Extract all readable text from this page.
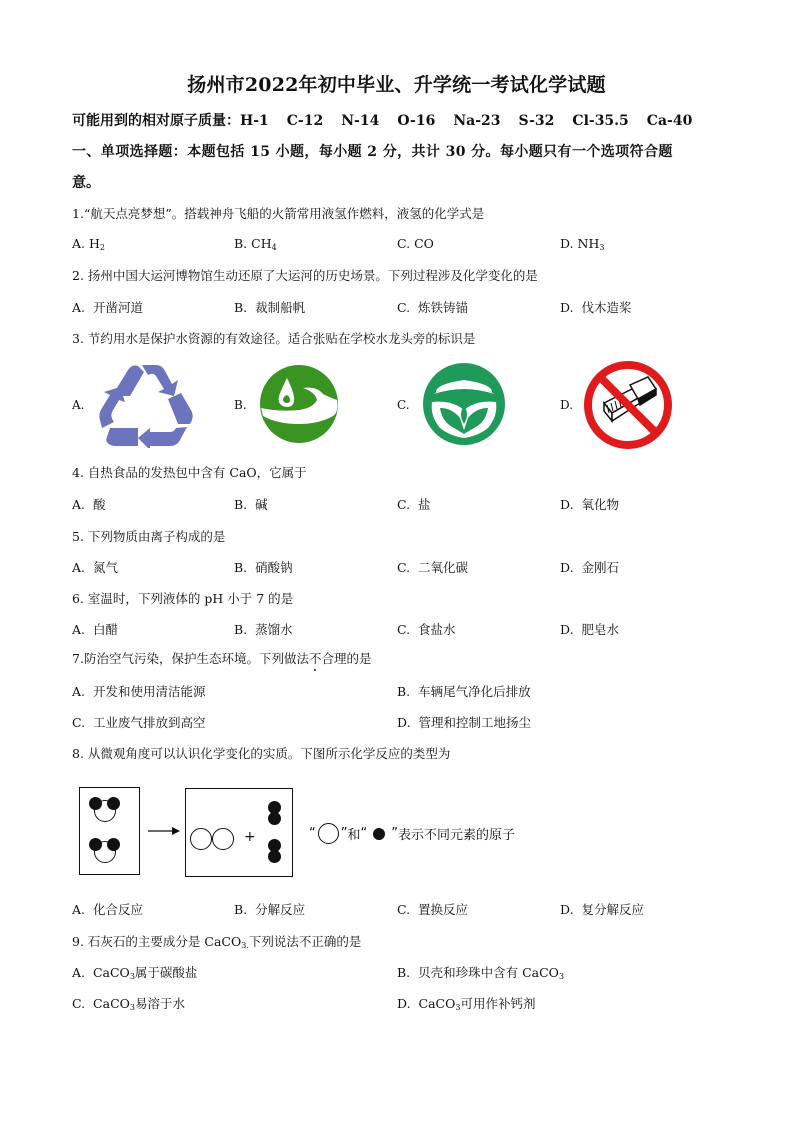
扬州市2022年初中毕业、升学统一考试化学试题
可能用到的相对原子质量：H-1 C-12 N-14 O-16 Na-23 S-32 Cl-35.5 Ca-40
一、单项选择题：本题包括 15 小题，每小题 2 分，共计 30 分。每小题只有一个选项符合题
意。
1.“航天点亮梦想”。搭载神舟飞船的火箭常用液氢作燃料，液氢的化学式是
A. $H_2$	B. $CH_4$	C. CO	D. $NH_3$
2. 扬州中国大运河博物馆生动还原了大运河的历史场景。下列过程涉及化学变化的是
A. 开凿河道	B. 裁制船帆	C. 炼铁铸锚	D. 伐木造桨
3. 节约用水是保护水资源的有效途径。适合张贴在学校水龙头旁的标识是
A.	B.	C.	D.
4. 自热食品的发热包中含有 CaO，它属于
A. 酸	B. 碱	C. 盐	D. 氧化物
5. 下列物质由离子构成的是
A. 氮气	B. 硝酸钠	C. 二氧化碳	D. 金刚石
6. 室温时，下列液体的 pH 小于 7 的是
A. 白醋	B. 蒸馏水	C. 食盐水	D. 肥皂水
7.防治空气污染，保护生态环境。下列做法不合理的是
A. 开发和使用清洁能源	B. 车辆尾气净化后排放
C. 工业废气排放到高空	D. 管理和控制工地扬尘
8. 从微观角度可以认识化学变化的实质。下图所示化学反应的类型为
+	“ ” 和 “ ” 表示不同元素的原子
A. 化合反应	B. 分解反应	C. 置换反应	D. 复分解反应
9. 石灰石的主要成分是 CaCO$_{3.}$下列说法不正确的是
A. CaCO$_3$属于碳酸盐	B. 贝壳和珍珠中含有 CaCO$_3$
C. CaCO$_3$易溶于水	D. CaCO$_3$可用作补钙剂
